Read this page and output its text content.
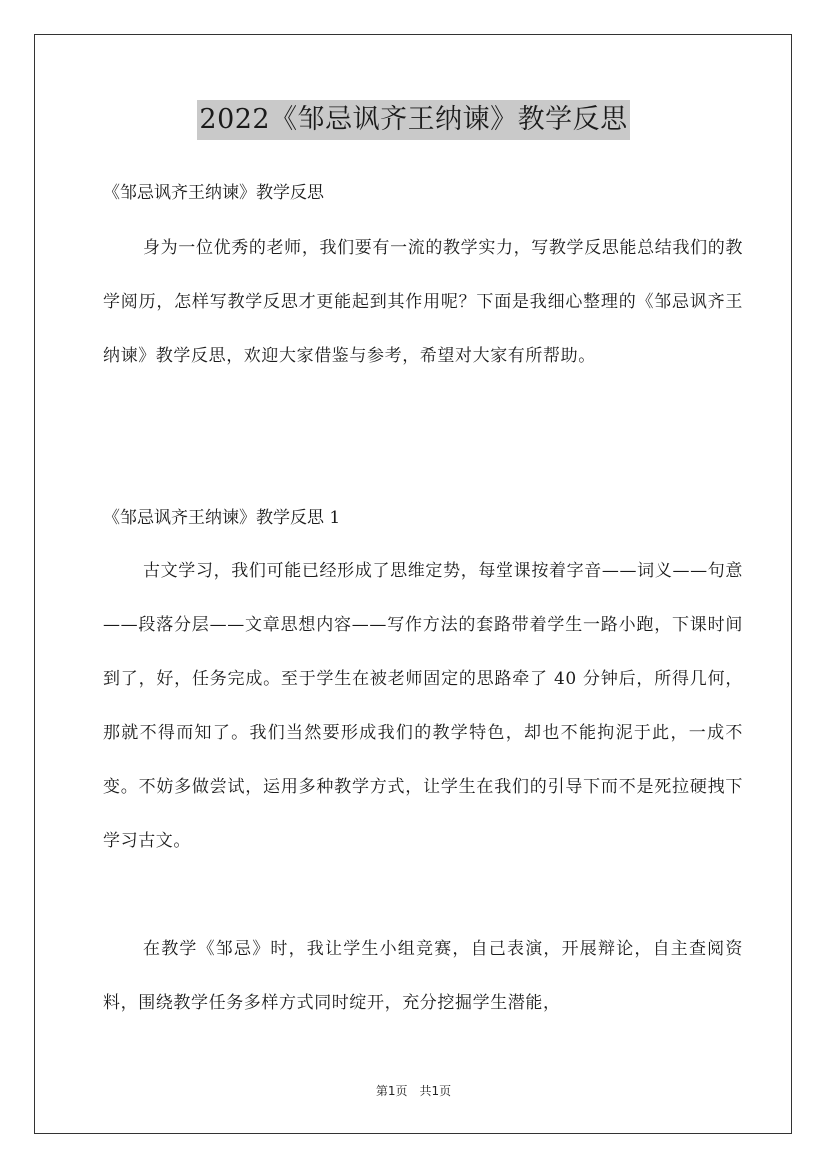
2022《邹忌讽齐王纳谏》教学反思
《邹忌讽齐王纳谏》教学反思

身为一位优秀的老师，我们要有一流的教学实力，写教学反思能总结我们的教学阅历，怎样写教学反思才更能起到其作用呢？下面是我细心整理的《邹忌讽齐王纳谏》教学反思，欢迎大家借鉴与参考，希望对大家有所帮助。

《邹忌讽齐王纳谏》教学反思 1

古文学习，我们可能已经形成了思维定势，每堂课按着字音——词义——句意——段落分层——文章思想内容——写作方法的套路带着学生一路小跑，下课时间到了，好，任务完成。至于学生在被老师固定的思路牵了 40 分钟后，所得几何，那就不得而知了。我们当然要形成我们的教学特色，却也不能拘泥于此，一成不变。不妨多做尝试，运用多种教学方式，让学生在我们的引导下而不是死拉硬拽下学习古文。

在教学《邹忌》时，我让学生小组竞赛，自己表演，开展辩论，自主查阅资料，围绕教学任务多样方式同时绽开，充分挖掘学生潜能，

第1页　共1页
